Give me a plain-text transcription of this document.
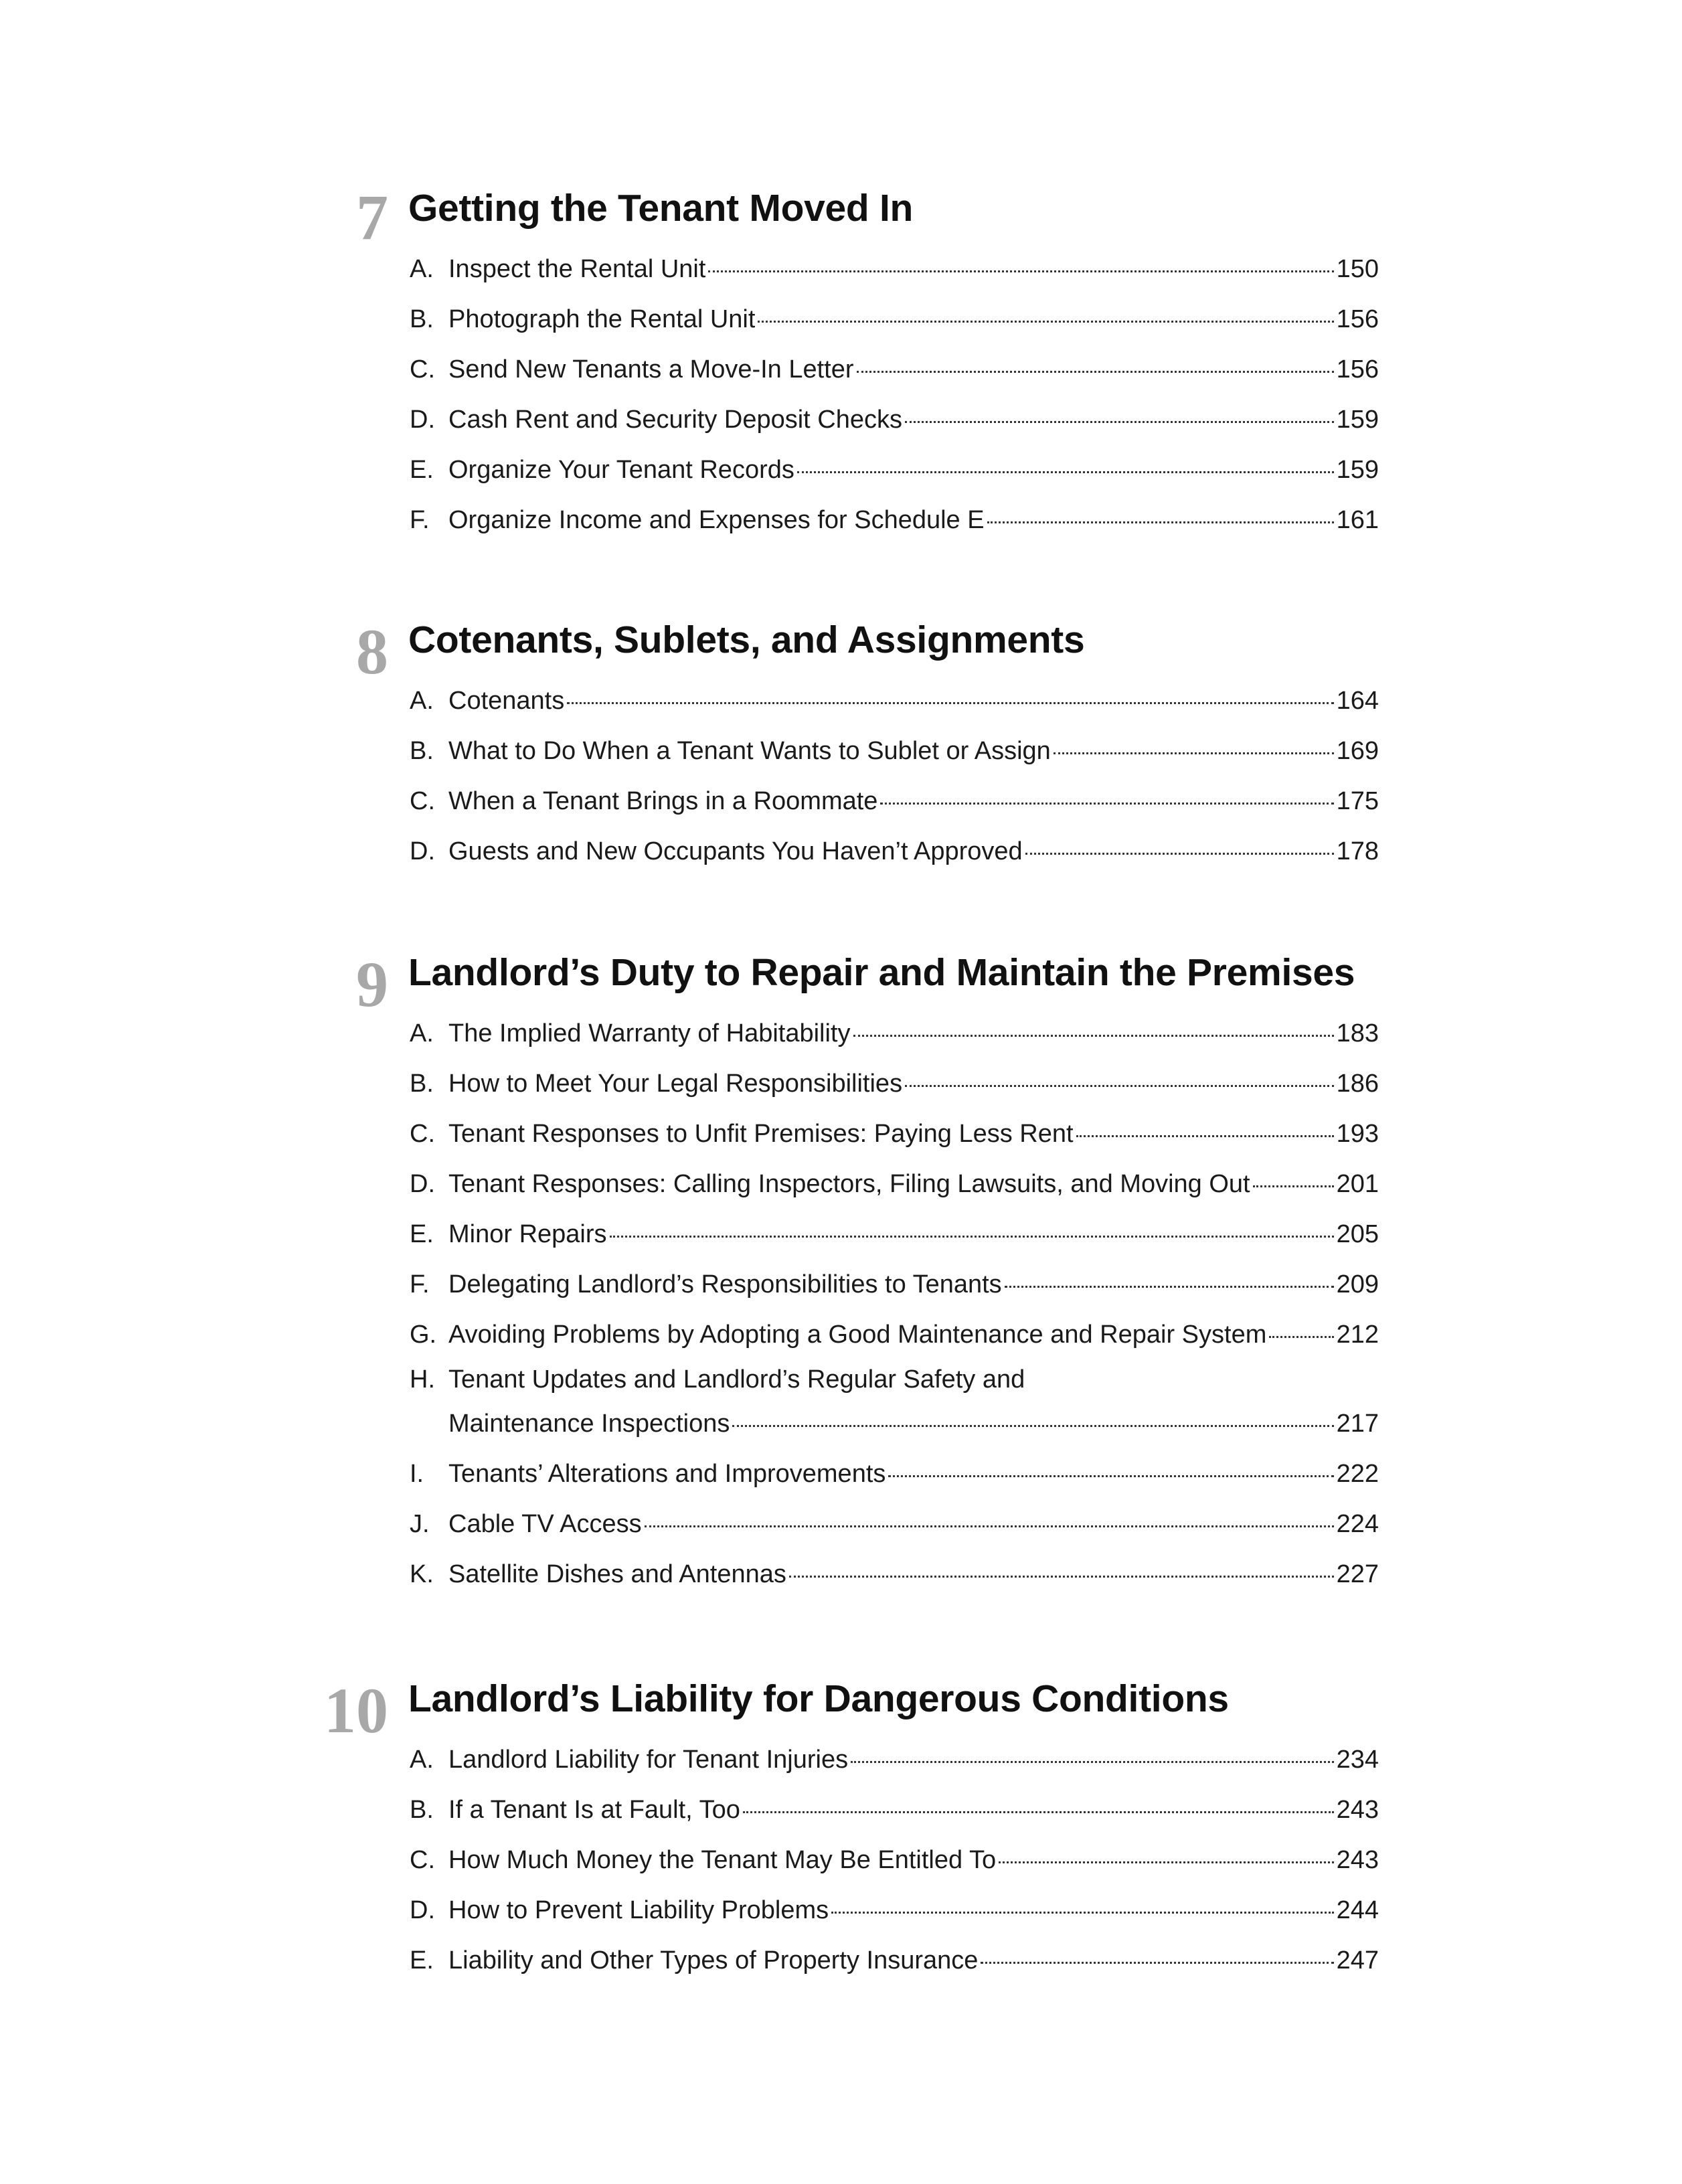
7 Getting the Tenant Moved In
A. Inspect the Rental Unit	150
B. Photograph the Rental Unit	156
C. Send New Tenants a Move-In Letter	156
D. Cash Rent and Security Deposit Checks	159
E. Organize Your Tenant Records	159
F. Organize Income and Expenses for Schedule E	161
8 Cotenants, Sublets, and Assignments
A. Cotenants	164
B. What to Do When a Tenant Wants to Sublet or Assign	169
C. When a Tenant Brings in a Roommate	175
D. Guests and New Occupants You Haven’t Approved	178
9 Landlord’s Duty to Repair and Maintain the Premises
A. The Implied Warranty of Habitability	183
B. How to Meet Your Legal Responsibilities	186
C. Tenant Responses to Unfit Premises: Paying Less Rent	193
D. Tenant Responses: Calling Inspectors, Filing Lawsuits, and Moving Out	201
E. Minor Repairs	205
F. Delegating Landlord’s Responsibilities to Tenants	209
G. Avoiding Problems by Adopting a Good Maintenance and Repair System	212
H. Tenant Updates and Landlord’s Regular Safety and
Maintenance Inspections	217
I. Tenants’ Alterations and Improvements	222
J. Cable TV Access	224
K. Satellite Dishes and Antennas	227
10 Landlord’s Liability for Dangerous Conditions
A. Landlord Liability for Tenant Injuries	234
B. If a Tenant Is at Fault, Too	243
C. How Much Money the Tenant May Be Entitled To	243
D. How to Prevent Liability Problems	244
E. Liability and Other Types of Property Insurance	247
